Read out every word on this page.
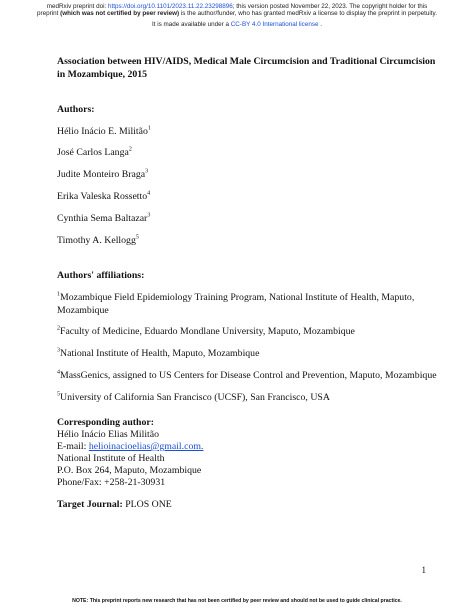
medRxiv preprint doi: https://doi.org/10.1101/2023.11.22.23298896; this version posted November 22, 2023. The copyright holder for this
preprint (which was not certified by peer review) is the author/funder, who has granted medRxiv a license to display the preprint in perpetuity.
It is made available under a CC-BY 4.0 International license .
Association between HIV/AIDS, Medical Male Circumcision and Traditional Circumcision in Mozambique, 2015
Authors:
Hélio Inácio E. Militão$^1$
José Carlos Langa$^2$
Judite Monteiro Braga$^3$
Erika Valeska Rossetto$^4$
Cynthia Sema Baltazar$^3$
Timothy A. Kellogg$^5$
Authors' affiliations:
$^1$Mozambique Field Epidemiology Training Program, National Institute of Health, Maputo,
Mozambique
$^2$Faculty of Medicine, Eduardo Mondlane University, Maputo, Mozambique
$^3$National Institute of Health, Maputo, Mozambique
$^4$MassGenics, assigned to US Centers for Disease Control and Prevention, Maputo, Mozambique
$^5$University of California San Francisco (UCSF), San Francisco, USA
Corresponding author:
Hélio Inácio Elias Militão
E-mail: helioinacioelias@gmail.com.
National Institute of Health
P.O. Box 264, Maputo, Mozambique
Phone/Fax: +258-21-30931
Target Journal: PLOS ONE
1
NOTE: This preprint reports new research that has not been certified by peer review and should not be used to guide clinical practice.
